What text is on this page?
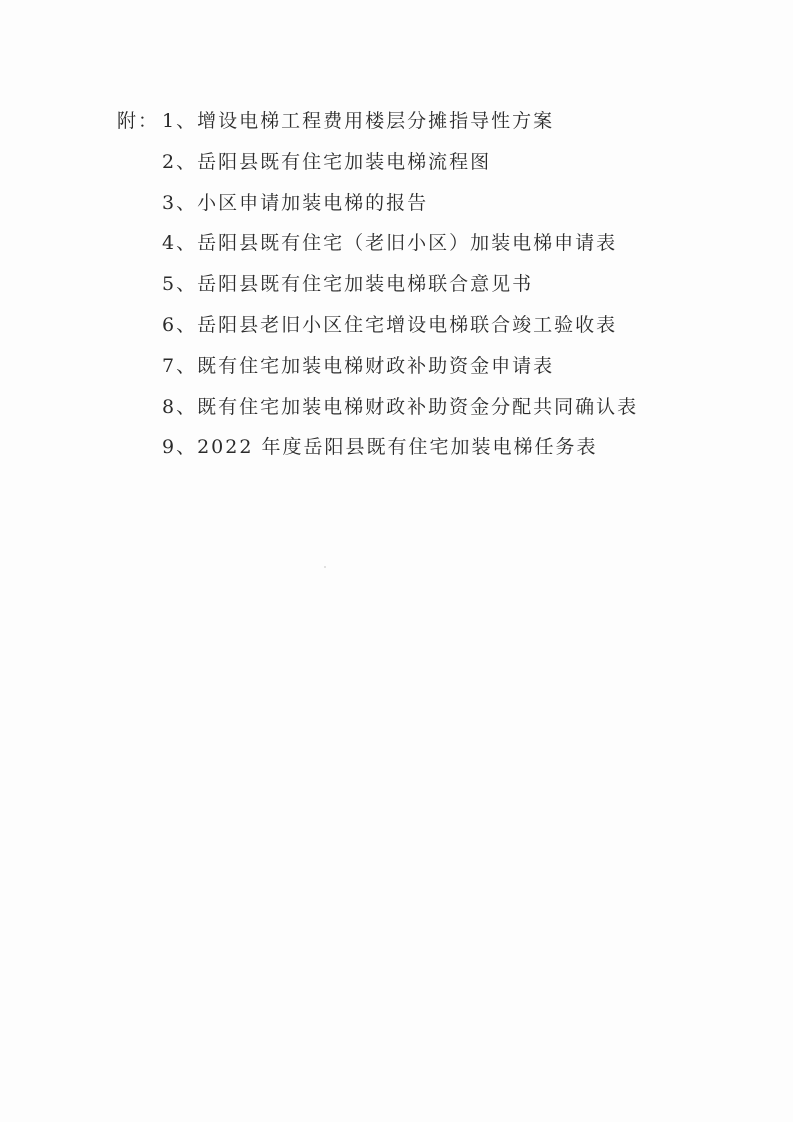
附： 1、 增设电梯工程费用楼层分摊指导性方案
2、 岳阳县既有住宅加装电梯流程图
3、 小区申请加装电梯的报告
4、 岳阳县既有住宅（老旧小区）加装电梯申请表
5、 岳阳县既有住宅加装电梯联合意见书
6、 岳阳县老旧小区住宅增设电梯联合竣工验收表
7、 既有住宅加装电梯财政补助资金申请表
8、 既有住宅加装电梯财政补助资金分配共同确认表
9、 2022 年度岳阳县既有住宅加装电梯任务表
